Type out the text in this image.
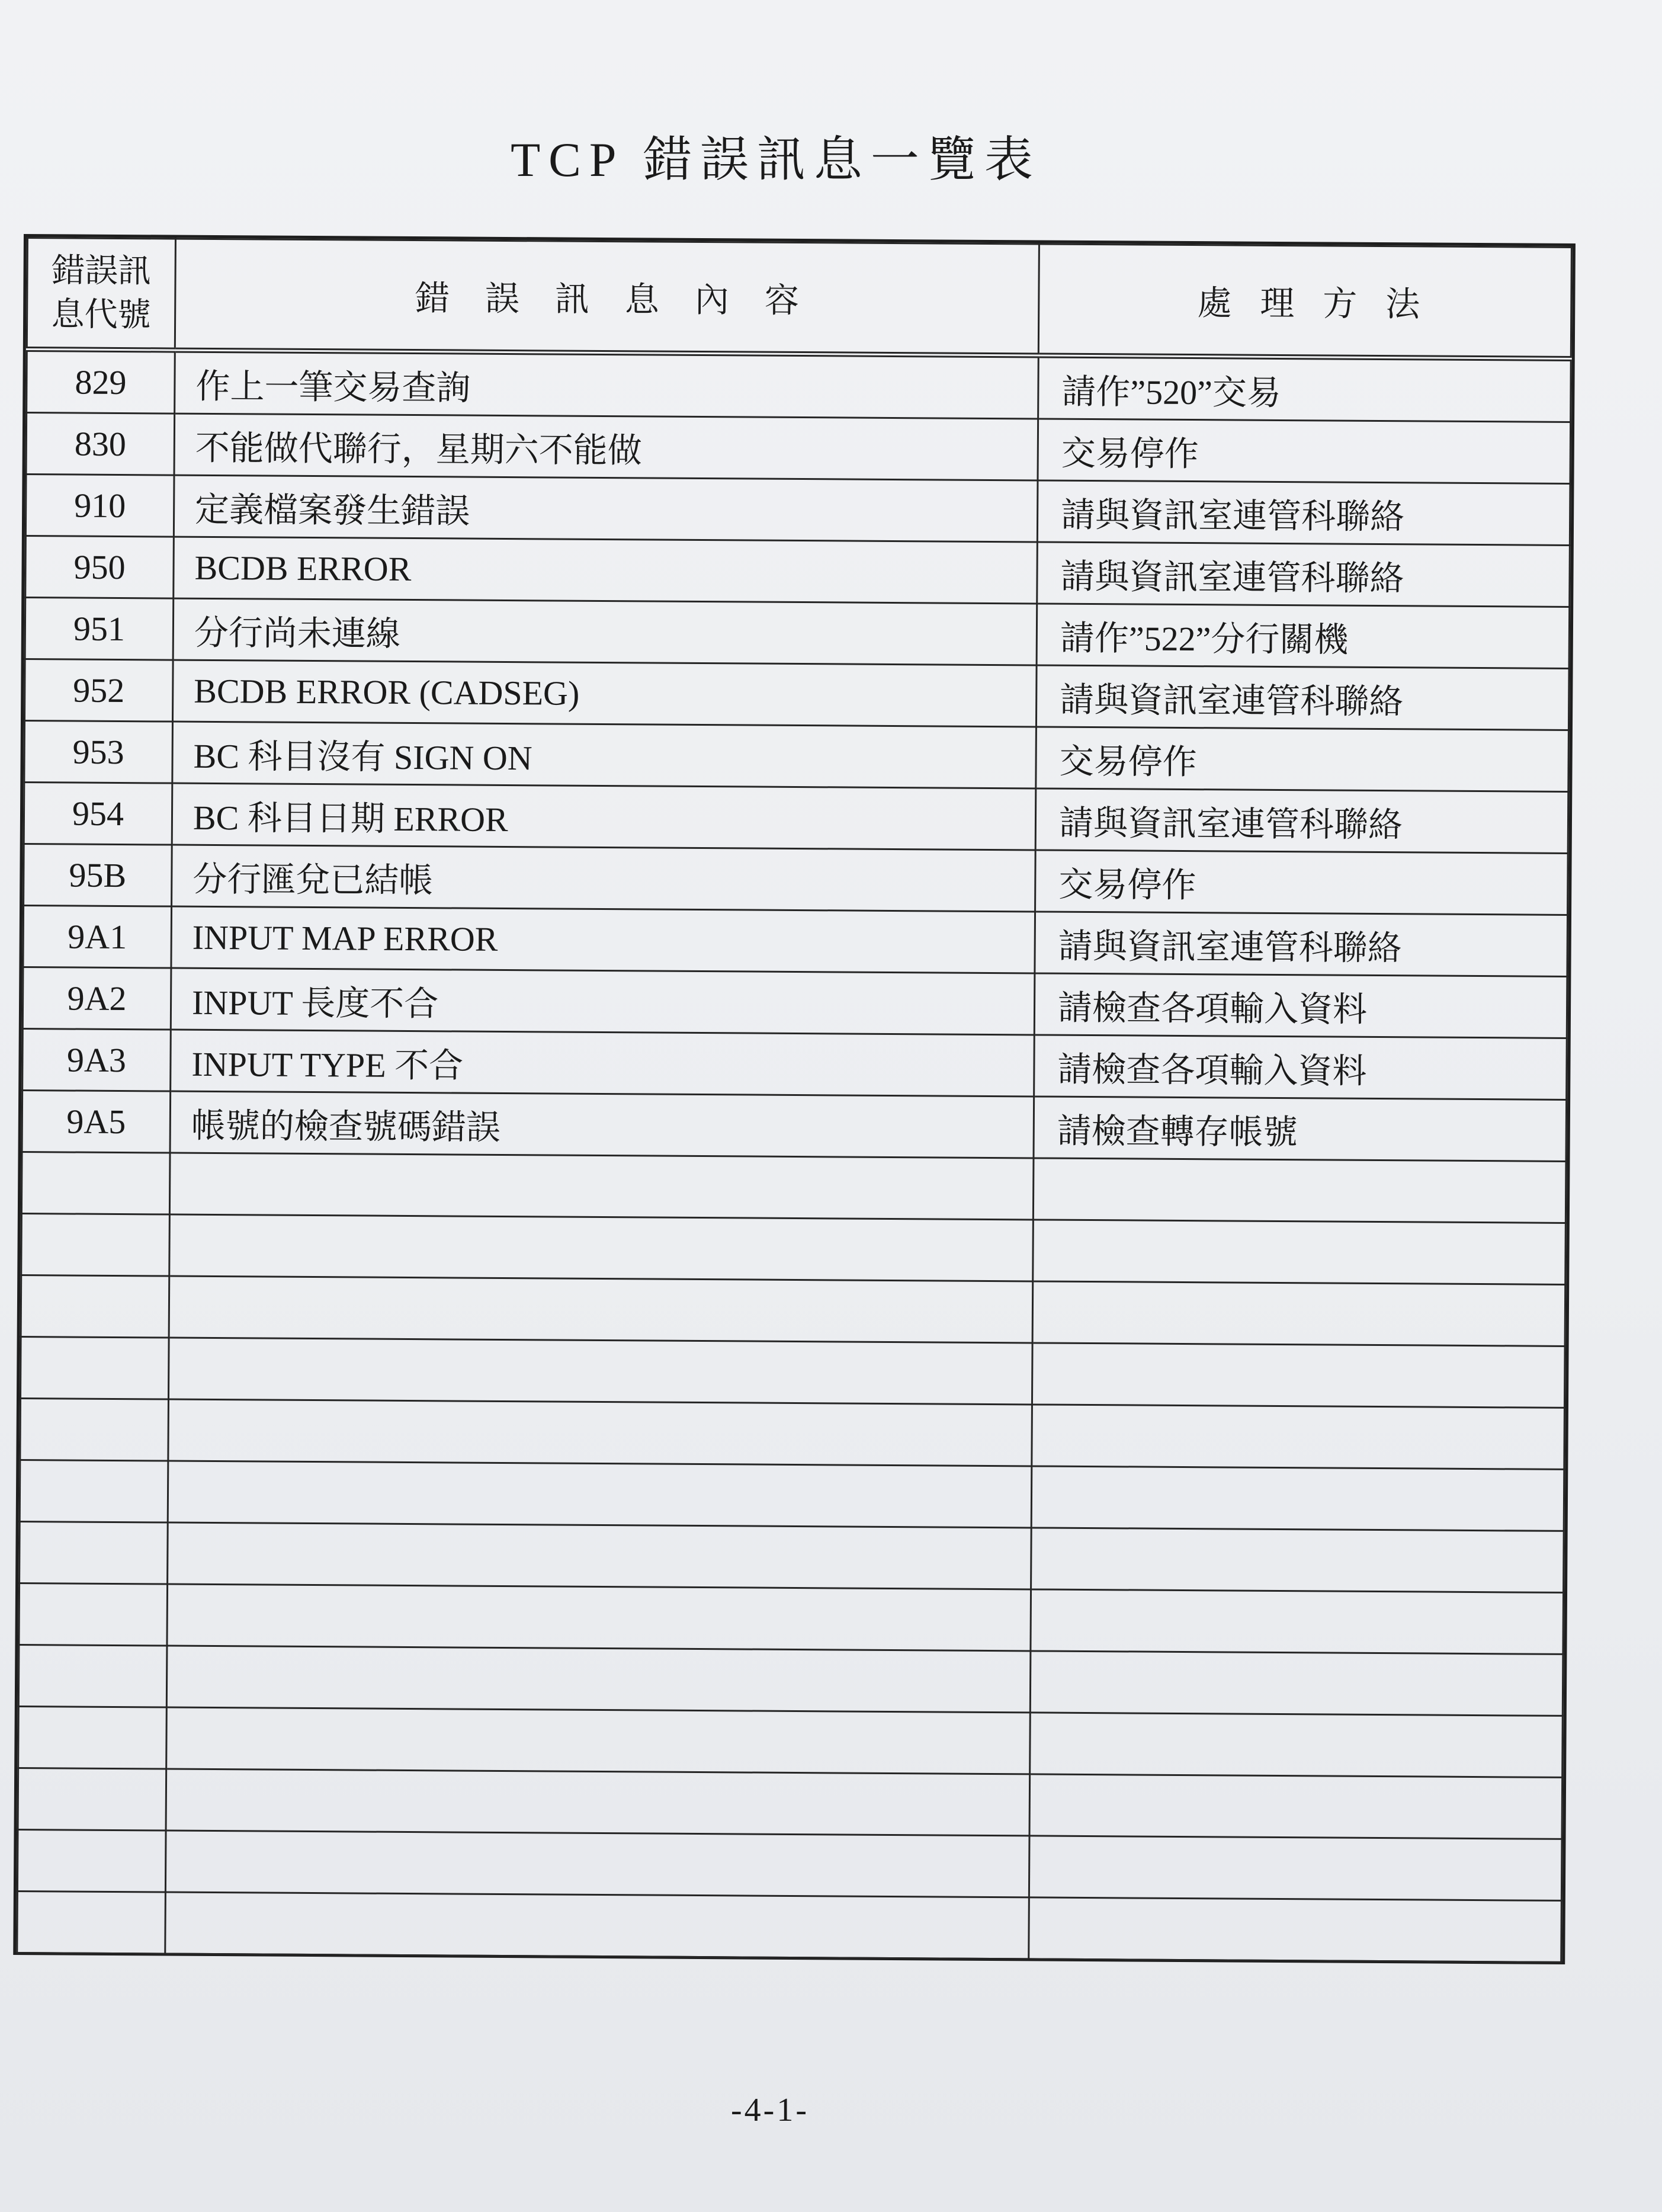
TCP 錯誤訊息一覽表
錯誤訊
息代號	錯誤訊息內容	處理方法
829	作上一筆交易查詢	請作”520”交易
830	不能做代聯行，星期六不能做	交易停作
910	定義檔案發生錯誤	請與資訊室連管科聯絡
950	BCDB ERROR	請與資訊室連管科聯絡
951	分行尚未連線	請作”522”分行關機
952	BCDB ERROR (CADSEG)	請與資訊室連管科聯絡
953	BC 科目沒有 SIGN ON	交易停作
954	BC 科目日期 ERROR	請與資訊室連管科聯絡
95B	分行匯兌已結帳	交易停作
9A1	INPUT MAP ERROR	請與資訊室連管科聯絡
9A2	INPUT 長度不合	請檢查各項輸入資料
9A3	INPUT TYPE 不合	請檢查各項輸入資料
9A5	帳號的檢查號碼錯誤	請檢查轉存帳號

-4-1-
